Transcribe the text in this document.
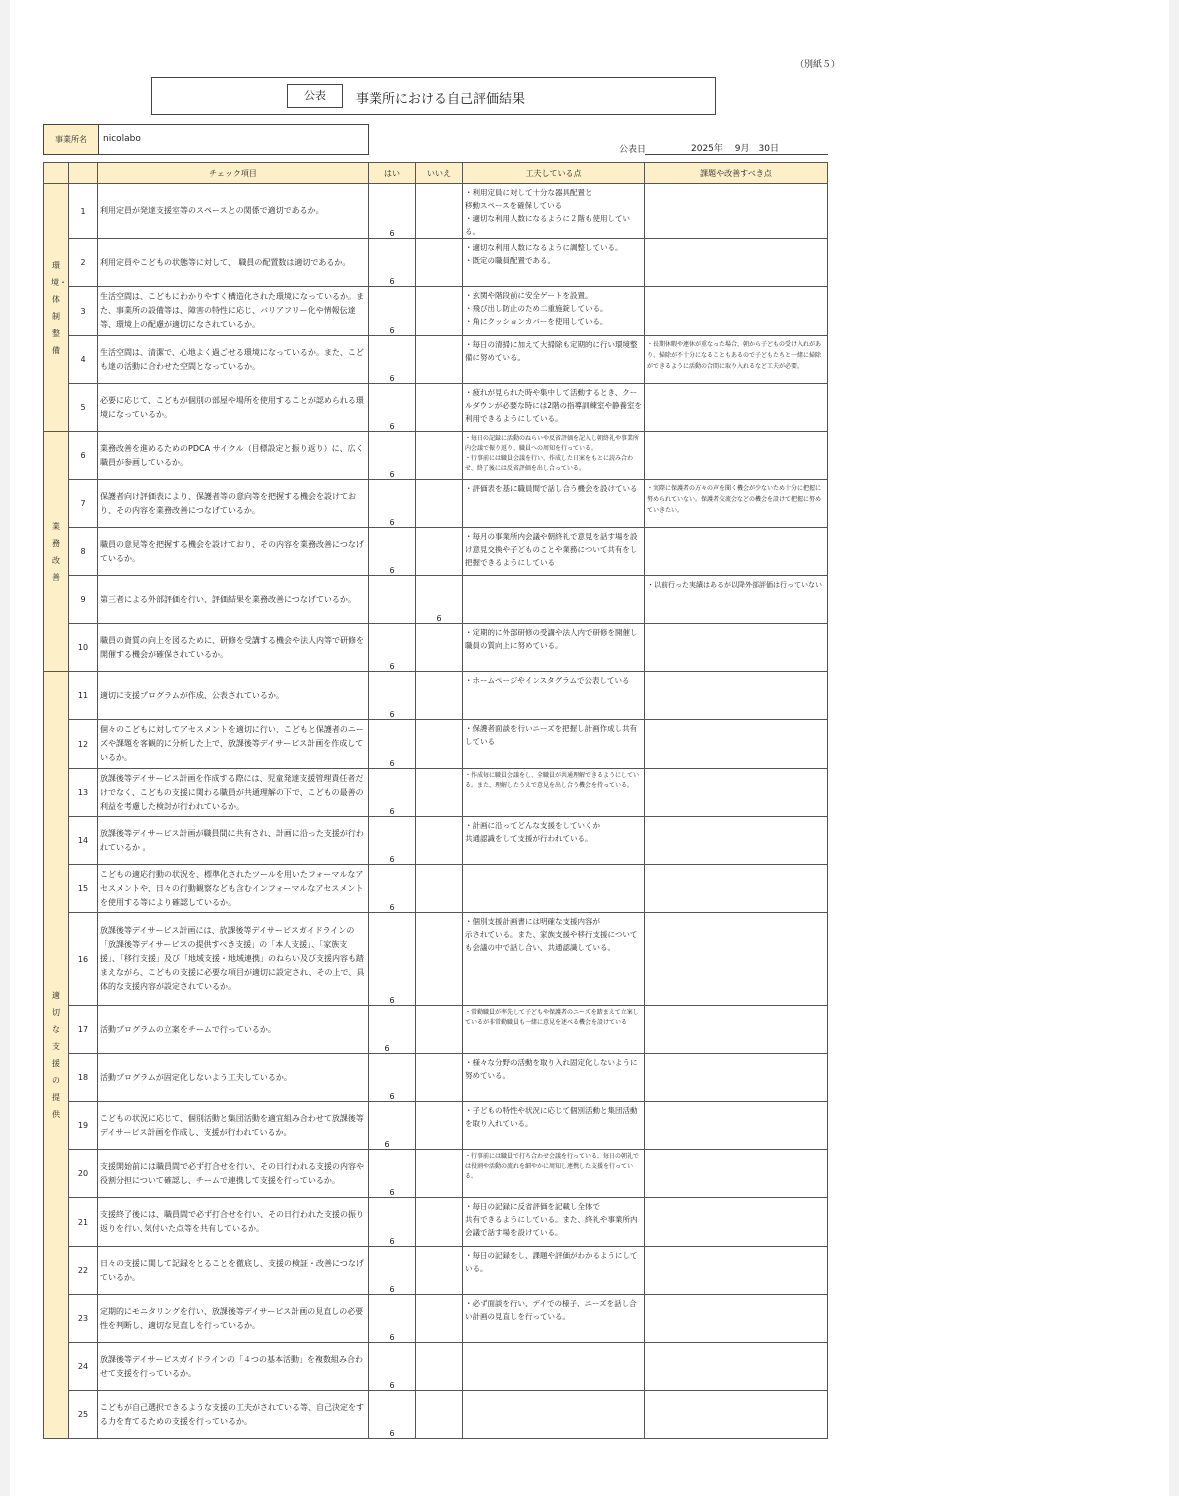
（別紙５）
公表	事業所における自己評価結果
事業所名	nicolabo
公表日	2025年　 9月　30日
		チェック項目	はい	いいえ	工夫している点	課題や改善すべき点
環境・体制整備	1	利用定員が発達支援室等のスペースとの関係で適切であるか。	6		・利用定員に対して十分な器具配置と
移動スペースを確保している
・適切な利用人数になるように２階も使用している。	
	2	利用定員やこどもの状態等に対して、 職員の配置数は適切であるか。	6		・適切な利用人数になるように調整している。
・既定の職員配置である。	
	3	生活空間は、こどもにわかりやすく構造化された環境になっているか。また、事業所の設備等は、障害の特性に応じ、バリアフリー化や情報伝達等、環境上の配慮が適切になされているか。	6		・玄関や階段前に安全ゲートを設置。
・飛び出し防止のため二重施錠している。
・角にクッションカバーを使用している。	
	4	生活空間は、清潔で、心地よく過ごせる環境になっているか。また、こども達の活動に合わせた空間となっているか。	6		・毎日の清掃に加えて大掃除も定期的に行い環境整備に努めている。	・長期休暇や連休が重なった場合、朝から子どもの受け入れがあり、掃除が不十分になることもあるので子どもたちと一緒に掃除ができるように活動の合間に取り入れるなど工夫が必要。
	5	必要に応じて、こどもが個別の部屋や場所を使用することが認められる環境になっているか。	6		・疲れが見られた時や集中して活動するとき、クールダウンが必要な時には2階の指導訓練室や静養室を利用できるようにしている。	
業務改善	6	業務改善を進めるためのPDCA サイクル（目標設定と振り返り）に、広く職員が参画しているか。	6		・毎日の記録に活動のねらいや反省評価を記入し朝終礼や事業所内会議で振り返り、職員への周知を行っている。
・行事前には職員会議を行い、作成した日案をもとに読み合わせ、終了後には反省評価を出し合っている。	
	7	保護者向け評価表により、保護者等の意向等を把握する機会を設けており、その内容を業務改善につなげているか。	6		・評価表を基に職員間で話し合う機会を設けている	・実際に保護者の方々の声を聞く機会が少ないため十分に把握に努められていない。保護者交流会などの機会を設けて把握に努めていきたい。
	8	職員の意見等を把握する機会を設けており、その内容を業務改善につなげているか。	6		・毎月の事業所内会議や朝終礼で意見を話す場を設け意見交換や子どものことや業務について共有をし把握できるようにしている	
	9	第三者による外部評価を行い、評価結果を業務改善につなげているか。		6		・以前行った実績はあるが以降外部評価は行っていない
	10	職員の資質の向上を図るために、研修を受講する機会や法人内等で研修を開催する機会が確保されているか。	6		・定期的に外部研修の受講や法人内で研修を開催し職員の質向上に努めている。	
適切な支援の提供	11	適切に支援プログラムが作成、公表されているか。	6		・ホームページやインスタグラムで公表している	
	12	個々のこどもに対してアセスメントを適切に行い、こどもと保護者のニーズや課題を客観的に分析した上で、放課後等デイサービス計画を作成しているか。	6		・保護者面談を行いニーズを把握し計画作成し共有している	
	13	放課後等デイサービス計画を作成する際には、児童発達支援管理責任者だけでなく、こどもの支援に関わる職員が共通理解の下で、こどもの最善の利益を考慮した検討が行われているか。	6		・作成毎に職員会議をし、全職員が共通理解できるようにしている。また、理解したうえで意見を出し合う機会を持っている。	
	14	放課後等デイサービス計画が職員間に共有され、計画に沿った支援が行われているか 。	6		・計画に沿ってどんな支援をしていくか
共通認識をして支援が行われている。	
	15	こどもの適応行動の状況を、標準化されたツールを用いたフォーマルなアセスメントや、日々の行動観察なども含むインフォーマルなアセスメントを使用する等により確認しているか。	6			

	16	放課後等デイサービス計画には、放課後等デイサービスガイドラインの「放課後等デイサービスの提供すべき支援」の「本人支援」、「家族支援」、「移行支援」及び「地域支援・地域連携」のねらい及び支援内容も踏まえながら、こどもの支援に必要な項目が適切に設定され、その上で、具体的な支援内容が設定されているか。	6		・個別支援計画書には明確な支援内容が
示されている。また、家族支援や移行支援についても会議の中で話し合い、共通認識している。	
	17	活動プログラムの立案をチームで行っているか。	6		・常勤職員が率先して子どもや保護者のニーズを踏まえて立案しているが非常勤職員も一緒に意見を述べる機会を設けている	
	18	活動プログラムが固定化しないよう工夫しているか。	6		・様々な分野の活動を取り入れ固定化しないように努めている。	
	19	こどもの状況に応じて、個別活動と集団活動を適宜組み合わせて放課後等デイサービス計画を作成し、支援が行われているか。	6		・子どもの特性や状況に応じて個別活動と集団活動を取り入れている。	
	20	支援開始前には職員間で必ず打合せを行い、その日行われる支援の内容や役割分担について確認し、チームで連携して支援を行っているか。	6		・行事前には職員で打ち合わせ会議を行っている。毎日の朝礼では役割や活動の流れを細やかに周知し連携した支援を行っている。	
	21	支援終了後には、職員間で必ず打合せを行い、その日行われた支援の振り返りを行い､気付いた点等を共有しているか。	6		・毎日の記録に反省評価を記載し全体で
共有できるようにしている。また、終礼や事業所内会議で話す場を設けている。	
	22	日々の支援に関して記録をとることを徹底し、支援の検証・改善につなげているか。	6		・毎日の記録をし、課題や評価がわかるようにしている。	
	23	定期的にモニタリングを行い、放課後等デイサービス計画の見直しの必要性を判断し、適切な見直しを行っているか。	6		・必ず面談を行い、デイでの様子、ニーズを話し合い計画の見直しを行っている。	
	24	放課後等デイサービスガイドラインの「４つの基本活動」を複数組み合わせて支援を行っているか。	6			

	25	こどもが自己選択できるような支援の工夫がされている等、自己決定をする力を育てるための支援を行っているか。	6			
